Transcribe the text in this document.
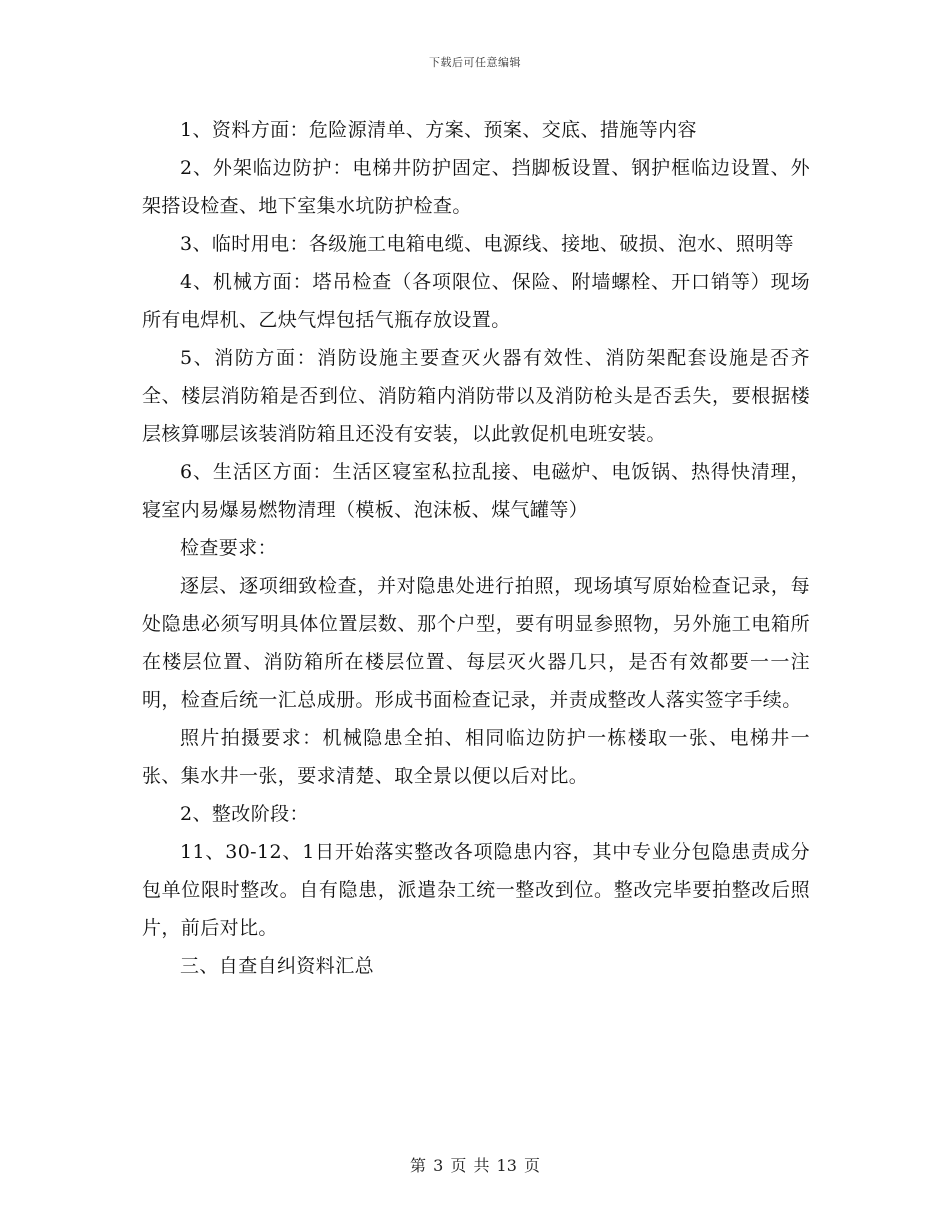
下载后可任意编辑

1、资料方面：危险源清单、方案、预案、交底、措施等内容

2、外架临边防护：电梯井防护固定、挡脚板设置、钢护框临边设置、外架搭设检查、地下室集水坑防护检查。

3、临时用电：各级施工电箱电缆、电源线、接地、破损、泡水、照明等

4、机械方面：塔吊检查（各项限位、保险、附墙螺栓、开口销等）现场所有电焊机、乙炔气焊包括气瓶存放设置。

5、消防方面：消防设施主要查灭火器有效性、消防架配套设施是否齐全、楼层消防箱是否到位、消防箱内消防带以及消防枪头是否丢失，要根据楼层核算哪层该装消防箱且还没有安装，以此敦促机电班安装。

6、生活区方面：生活区寝室私拉乱接、电磁炉、电饭锅、热得快清理，寝室内易爆易燃物清理（模板、泡沫板、煤气罐等）

检查要求：

逐层、逐项细致检查，并对隐患处进行拍照，现场填写原始检查记录，每处隐患必须写明具体位置层数、那个户型，要有明显参照物，另外施工电箱所在楼层位置、消防箱所在楼层位置、每层灭火器几只，是否有效都要一一注明，检查后统一汇总成册。形成书面检查记录，并责成整改人落实签字手续。

照片拍摄要求：机械隐患全拍、相同临边防护一栋楼取一张、电梯井一张、集水井一张，要求清楚、取全景以便以后对比。

2、整改阶段：

11、30-12、1日开始落实整改各项隐患内容，其中专业分包隐患责成分包单位限时整改。自有隐患，派遣杂工统一整改到位。整改完毕要拍整改后照片，前后对比。

三、自查自纠资料汇总

第 3 页 共 13 页
